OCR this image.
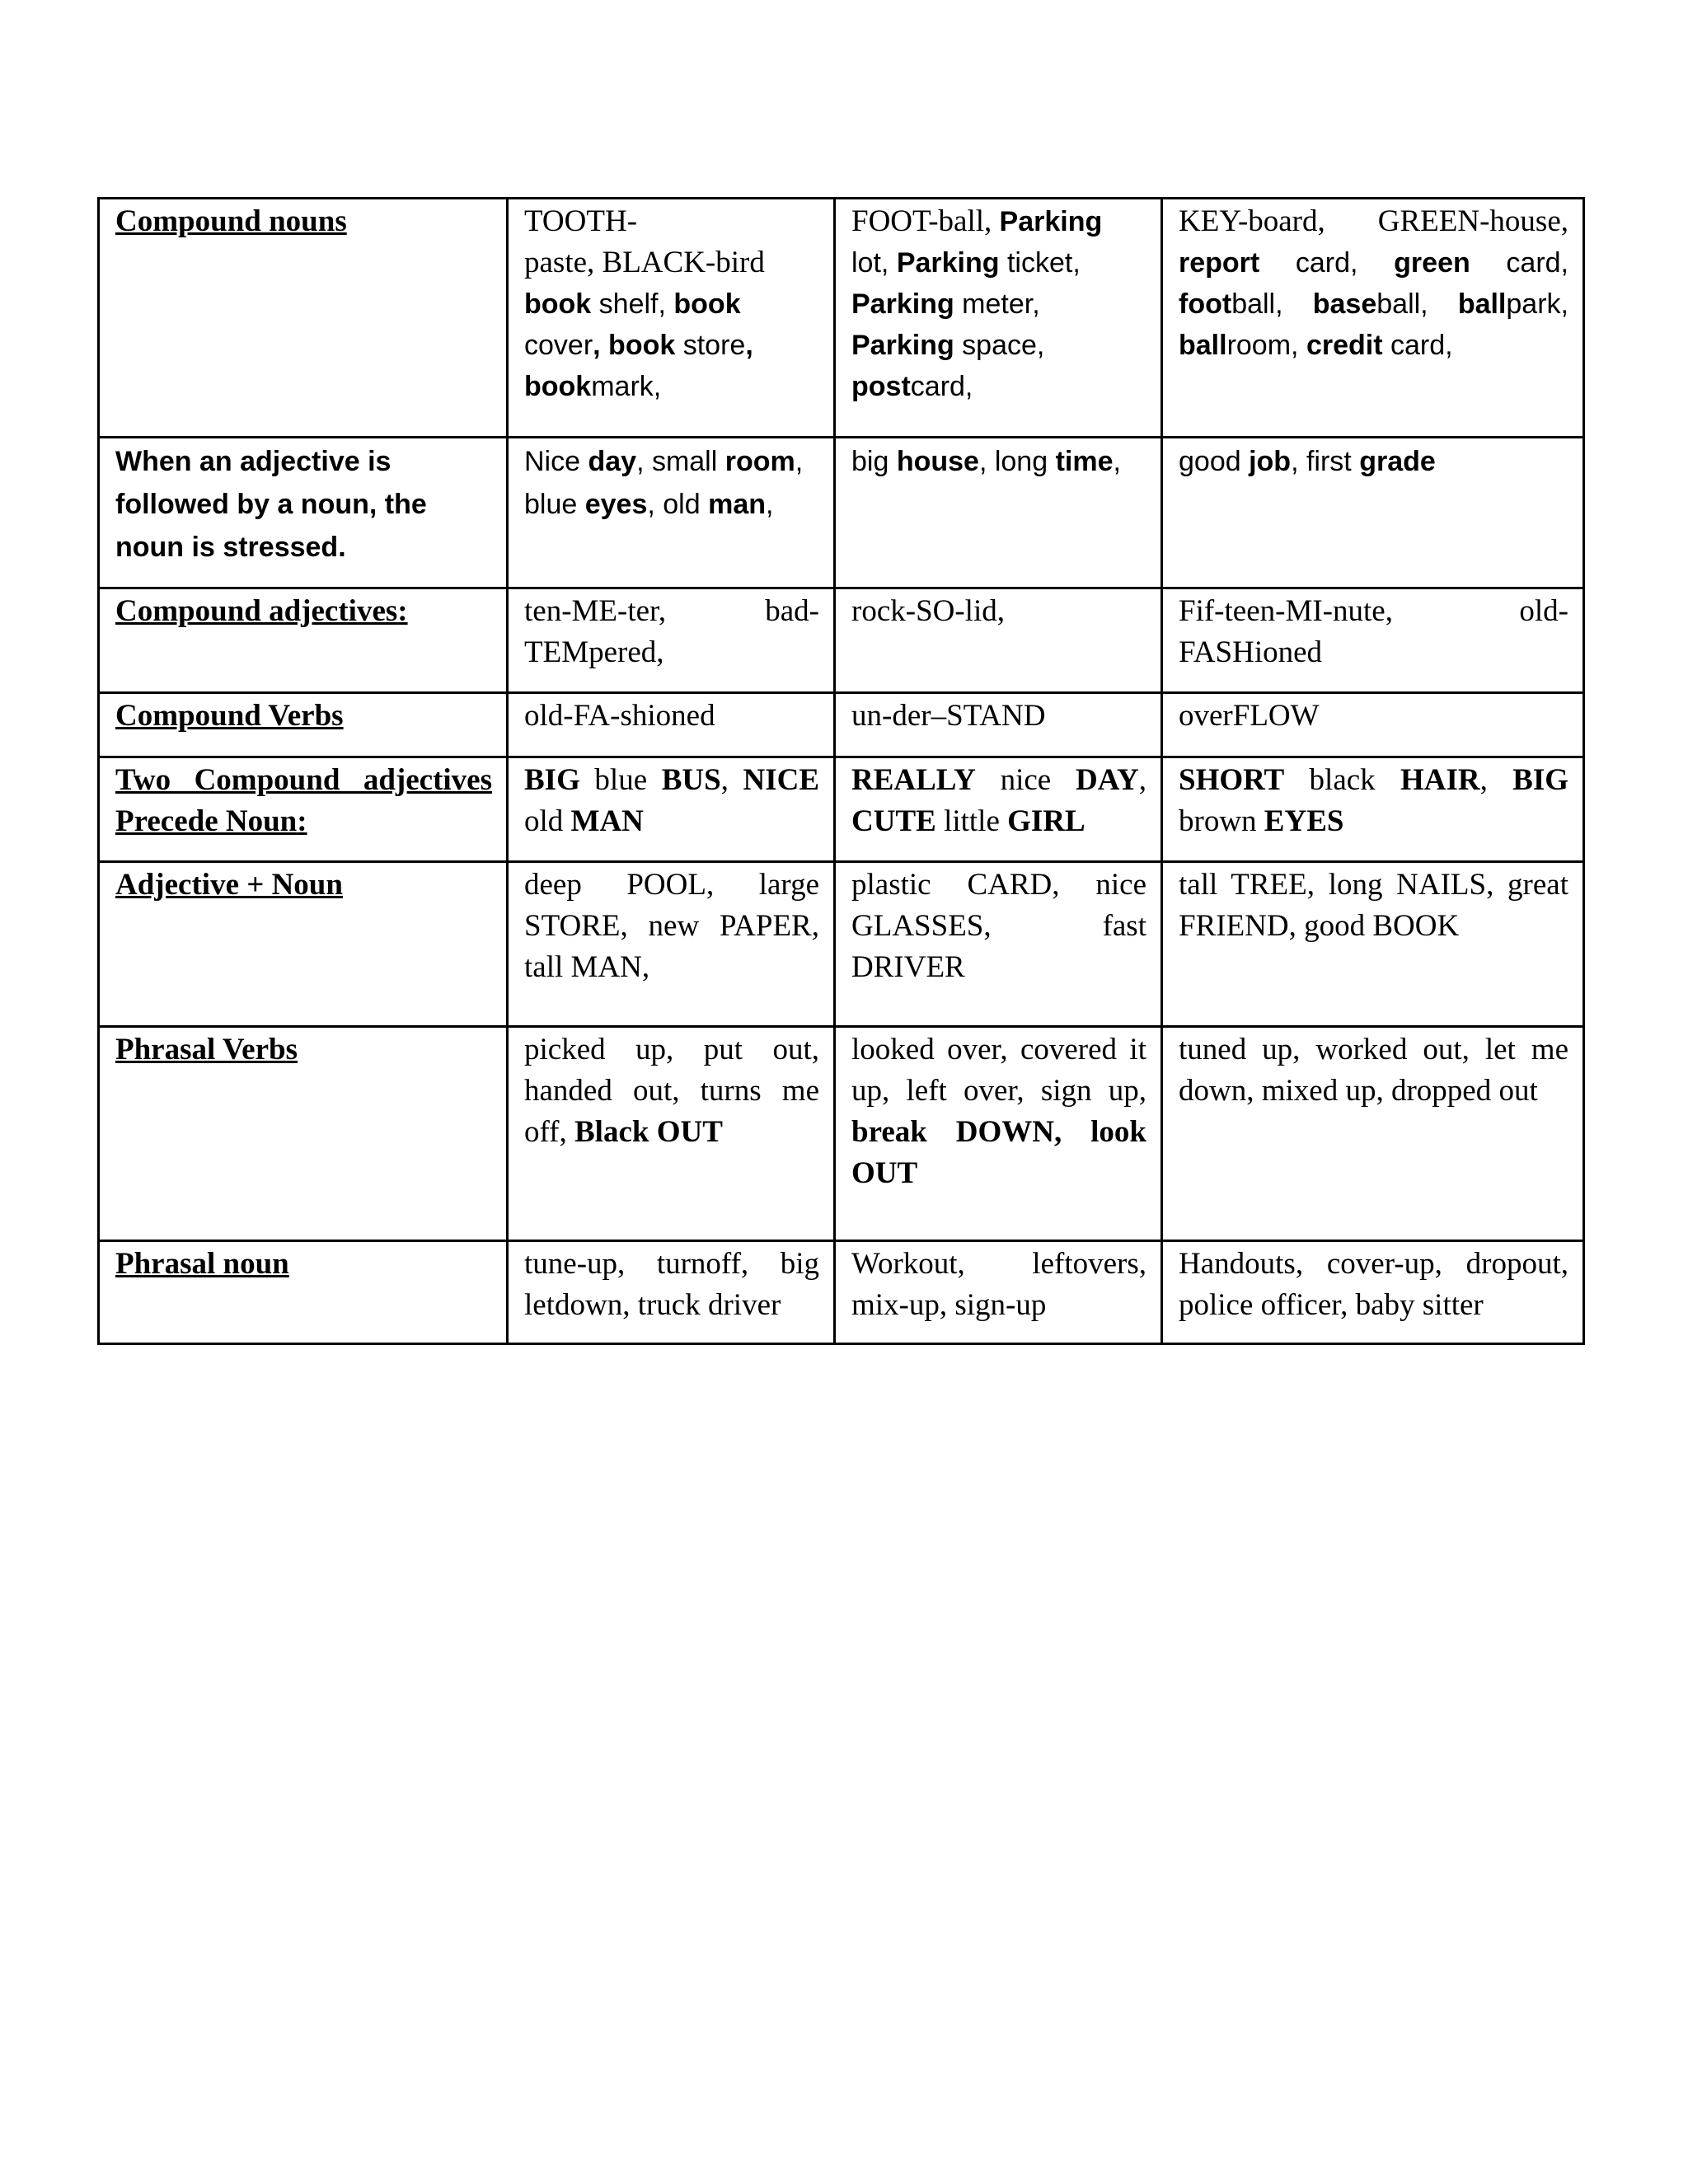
Compound nouns	TOOTH-paste, BLACK-bird book shelf, book cover, book store, bookmark,	FOOT-ball, Parking lot, Parking ticket, Parking meter, Parking space, postcard,	KEY-board, GREEN-house, report card, green card, football, baseball, ballpark, ballroom, credit card,
When an adjective is followed by a noun, the noun is stressed.	Nice day, small room, blue eyes, old man,	big house, long time,	good job, first grade
Compound adjectives:	ten-ME-ter, bad- TEMpered,	rock-SO-lid,	Fif-teen-MI-nute, old- FASHioned
Compound Verbs	old-FA-shioned	un-der–STAND	overFLOW
Two Compound adjectives Precede Noun:	BIG blue BUS, NICE old MAN	REALLY nice DAY, CUTE little GIRL	SHORT black HAIR, BIG brown EYES
Adjective + Noun	deep POOL, large STORE, new PAPER, tall MAN,	plastic CARD, nice GLASSES, fast DRIVER	tall TREE, long NAILS, great FRIEND, good BOOK
Phrasal Verbs	picked up, put out, handed out, turns me off, Black OUT	looked over, covered it up, left over, sign up, break DOWN, look OUT	tuned up, worked out, let me down, mixed up, dropped out
Phrasal noun	tune-up, turnoff, big letdown, truck driver	Workout, leftovers, mix-up, sign-up	Handouts, cover-up, dropout, police officer, baby sitter
